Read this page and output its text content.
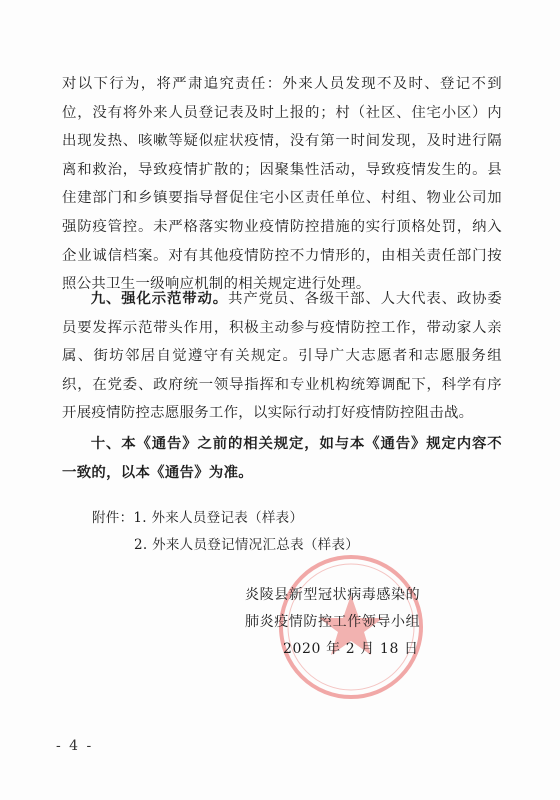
对以下行为，将严肃追究责任：外来人员发现不及时、登记不到位，没有将外来人员登记表及时上报的；村（社区、住宅小区）内出现发热、咳嗽等疑似症状疫情，没有第一时间发现，及时进行隔离和救治，导致疫情扩散的；因聚集性活动，导致疫情发生的。县住建部门和乡镇要指导督促住宅小区责任单位、村组、物业公司加强防疫管控。未严格落实物业疫情防控措施的实行顶格处罚，纳入企业诚信档案。对有其他疫情防控不力情形的，由相关责任部门按照公共卫生一级响应机制的相关规定进行处理。
九、强化示范带动。共产党员、各级干部、人大代表、政协委员要发挥示范带头作用，积极主动参与疫情防控工作，带动家人亲属、街坊邻居自觉遵守有关规定。引导广大志愿者和志愿服务组织，在党委、政府统一领导指挥和专业机构统筹调配下，科学有序开展疫情防控志愿服务工作，以实际行动打好疫情防控阻击战。
十、本《通告》之前的相关规定，如与本《通告》规定内容不一致的，以本《通告》为准。
附件：1. 外来人员登记表（样表）
2. 外来人员登记情况汇总表（样表）
炎陵县新型冠状病毒感染的
肺炎疫情防控工作领导小组
2020 年 2 月 18 日
- 4 -
